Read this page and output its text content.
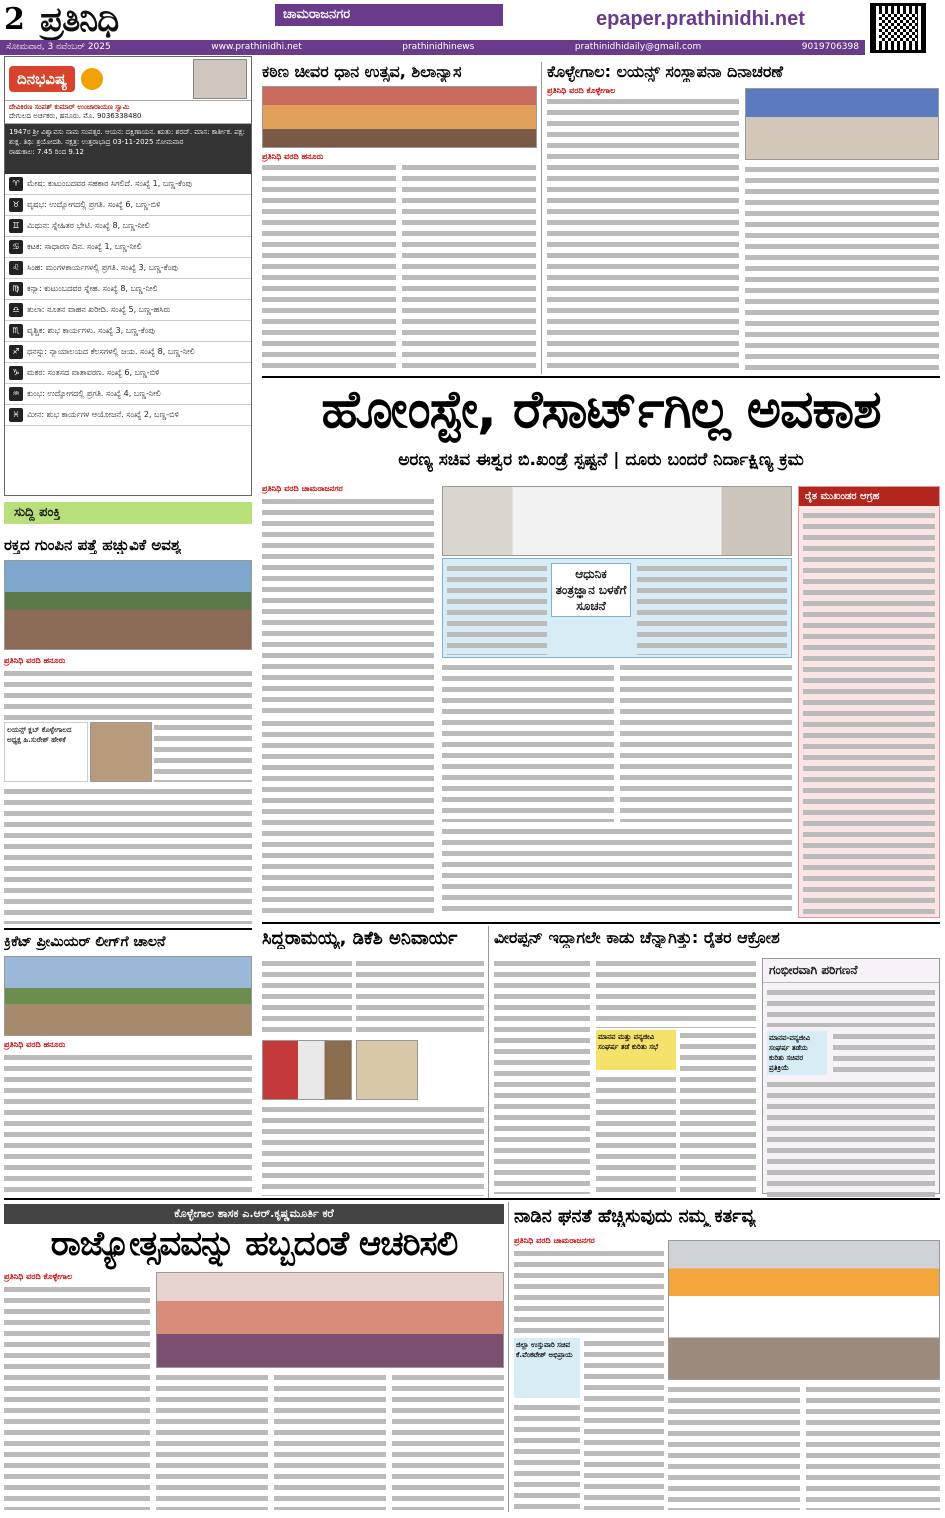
2 ಪ್ರತಿನಿಧಿ	ಚಾಮರಾಜನಗರ	epaper.prathinidhi.net
ಸೋಮವಾರ, 3 ನವೆಂಬರ್ 2025	www.prathinidhi.net	prathinidhinews	prathinidhidaily@gmail.com	9019706398
ದಿನಭವಿಷ್ಯ
ದೇವಿಕಿರಣ ಸಂಪತ್ ಕುಮಾರ್ ಉಂಚಾರಾಯಣ ಸ್ವಾಮಿ
ದೇಗುಲದ ಅರ್ಚಕರು, ಹನೂರು. ಮೊ. 9036338480
1947ರ ಶ್ರೀ ವಿಶ್ವಾವಸು ನಾಮ ಸಂವತ್ಸರ. ಆಯನ: ದಕ್ಷಿಣಾಯನ. ಋತು: ಶರದ್. ಮಾಸ: ಕಾರ್ತೀಕ. ಪಕ್ಷ: ಶುಕ್ಲ. ತಿಥಿ: ತ್ರಯೋದಶಿ. ನಕ್ಷತ್ರ: ಉತ್ತರಾಭಾದ್ರ 03-11-2025 ಸೋಮವಾರ
ರಾಹುಕಾಲ: 7.45 ರಿಂದ 9.12
♈ ಮೇಷ: ಕುಟುಂಬದವರ ಸಹಕಾರ ಸಿಗಲಿದೆ. ಸಂಖ್ಯೆ 1, ಬಣ್ಣ-ಕೆಂಪು
♉ ವೃಷಭ: ಉದ್ಯೋಗದಲ್ಲಿ ಪ್ರಗತಿ. ಸಂಖ್ಯೆ 6, ಬಣ್ಣ-ಬಿಳಿ
♊ ಮಿಥುನ: ಸ್ನೇಹಿತರ ಭೇಟಿ. ಸಂಖ್ಯೆ 8, ಬಣ್ಣ-ನೀಲಿ
♋ ಕಟಕ: ಸಾಧಾರಣ ದಿನ. ಸಂಖ್ಯೆ 1, ಬಣ್ಣ-ನೀಲಿ
♌ ಸಿಂಹ: ಮಂಗಳಕಾರ್ಯಗಳಲ್ಲಿ ಪ್ರಗತಿ. ಸಂಖ್ಯೆ 3, ಬಣ್ಣ-ಕೆಂಪು
♍ ಕನ್ಯಾ: ಕುಟುಂಬದವರ ಸ್ನೇಹ. ಸಂಖ್ಯೆ 8, ಬಣ್ಣ-ನೀಲಿ
♎ ತುಲಾ: ನೂತನ ವಾಹನ ಖರೀದಿ. ಸಂಖ್ಯೆ 5, ಬಣ್ಣ-ಹಸಿರು
♏ ವೃಶ್ಚಿಕ: ಶುಭ ಕಾರ್ಯಗಳು. ಸಂಖ್ಯೆ 3, ಬಣ್ಣ-ಕೆಂಪು
♐ ಧನಸ್ಸು: ನ್ಯಾಯಾಲಯದ ಕೆಲಸಗಳಲ್ಲಿ ಜಯ. ಸಂಖ್ಯೆ 8, ಬಣ್ಣ-ನೀಲಿ
♑ ಮಕರ: ಸಂತಸದ ವಾತಾವರಣ. ಸಂಖ್ಯೆ 6, ಬಣ್ಣ-ಬಿಳಿ
♒ ಕುಂಭ: ಉದ್ಯೋಗದಲ್ಲಿ ಪ್ರಗತಿ. ಸಂಖ್ಯೆ 4, ಬಣ್ಣ-ನೀಲಿ
♓ ಮೀನ: ಶುಭ ಕಾರ್ಯಗಳ ಆಯೋಜನೆ. ಸಂಖ್ಯೆ 2, ಬಣ್ಣ-ಬಿಳಿ
ಸುದ್ದಿ ಪಂಕ್ತಿ
ರಕ್ತದ ಗುಂಪಿನ ಪತ್ತೆ ಹಚ್ಚುವಿಕೆ ಅವಶ್ಯ
ಪ್ರತಿನಿಧಿ ವರದಿ ಹನೂರು
ಲಯನ್ಸ್ ಕ್ಲಬ್ ಕೊಳ್ಳೇಗಾಲದ ಅಧ್ಯಕ್ಷ ಹಿ.ಸುರೇಶ್ ಹೇಳಿಕೆ
ಕ್ರಿಕೆಟ್ ಪ್ರೀಮಿಯರ್ ಲೀಗ್‌ಗೆ ಚಾಲನೆ
ಪ್ರತಿನಿಧಿ ವರದಿ ಹನೂರು
ಕಠಿಣ ಚೀವರ ಧಾನ ಉತ್ಸವ, ಶಿಲಾನ್ಯಾಸ
ಪ್ರತಿನಿಧಿ ವರದಿ ಹನೂರು
ಕೊಳ್ಳೇಗಾಲ: ಲಯನ್ಸ್ ಸಂಸ್ಥಾಪನಾ ದಿನಾಚರಣೆ
ಪ್ರತಿನಿಧಿ ವರದಿ ಕೊಳ್ಳೇಗಾಲ
ಹೋಂಸ್ಟೇ, ರೆಸಾರ್ಟ್‌ಗಿಲ್ಲ ಅವಕಾಶ
ಅರಣ್ಯ ಸಚಿವ ಈಶ್ವರ ಬಿ.ಖಂಡ್ರೆ ಸ್ಪಷ್ಟನೆ | ದೂರು ಬಂದರೆ ನಿರ್ದಾಕ್ಷಿಣ್ಯ ಕ್ರಮ
ಪ್ರತಿನಿಧಿ ವರದಿ ಚಾಮರಾಜನಗರ
ಆಧುನಿಕ ತಂತ್ರಜ್ಞಾನ ಬಳಕೆಗೆ ಸೂಚನೆ
ರೈತ ಮುಖಂಡರ ಆಗ್ರಹ
ಸಿದ್ದರಾಮಯ್ಯ, ಡಿಕೆಶಿ ಅನಿವಾರ್ಯ	ವೀರಪ್ಪನ್ ಇದ್ದಾಗಲೇ ಕಾಡು ಚೆನ್ನಾಗಿತ್ತು: ರೈತರ ಆಕ್ರೋಶ
ಮಾನವ ಮತ್ತು ವನ್ಯಜೀವಿ ಸಂಘರ್ಷ ತಡೆ ಕುರಿತು ಸಭೆ
ಗಂಭೀರವಾಗಿ ಪರಿಗಣನೆ
ಮಾನವ-ವನ್ಯಜೀವಿ ಸಂಘರ್ಷ ತಡೆಯ ಕುರಿತು ಸಚಿವರ ಪ್ರತಿಕ್ರಿಯೆ
ಕೊಳ್ಳೇಗಾಲ ಶಾಸಕ ಎ.ಆರ್.ಕೃಷ್ಣಮೂರ್ತಿ ಕರೆ
ರಾಜ್ಯೋತ್ಸವವನ್ನು ಹಬ್ಬದಂತೆ ಆಚರಿಸಲಿ
ಪ್ರತಿನಿಧಿ ವರದಿ ಕೊಳ್ಳೇಗಾಲ
ನಾಡಿನ ಘನತೆ ಹೆಚ್ಚಿಸುವುದು ನಮ್ಮ ಕರ್ತವ್ಯ
ಪ್ರತಿನಿಧಿ ವರದಿ ಚಾಮರಾಜನಗರ
ಜಿಲ್ಲಾ ಉಸ್ತುವಾರಿ ಸಚಿವ ಕೆ.ವೆಂಕಟೇಶ್ ಅಭಿಪ್ರಾಯ
